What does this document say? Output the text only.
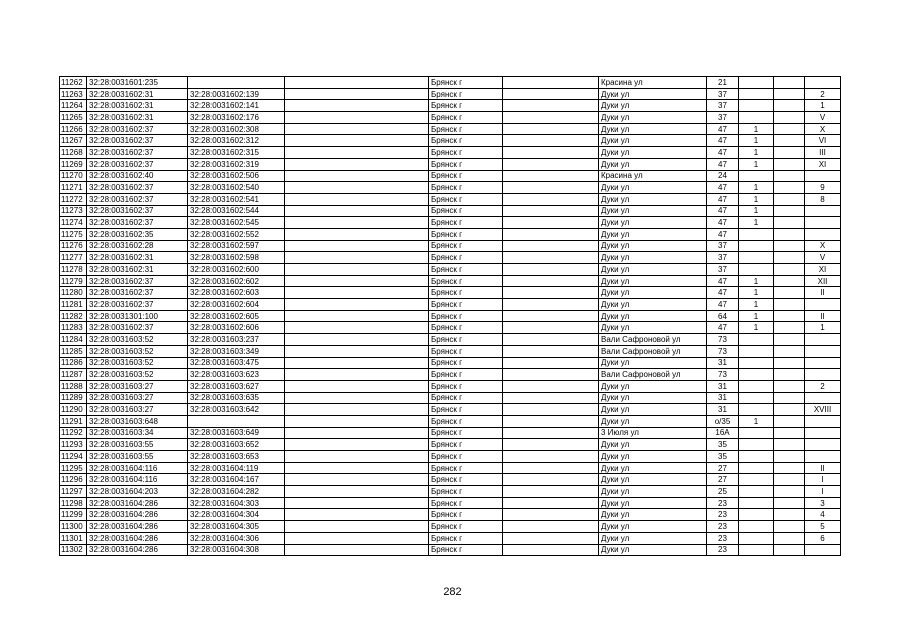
11262	32:28:0031601:235			Брянск г		Красина ул	21			
11263	32:28:0031602:31	32:28:0031602:139		Брянск г		Дуки ул	37			2
11264	32:28:0031602:31	32:28:0031602:141		Брянск г		Дуки ул	37			1
11265	32:28:0031602:31	32:28:0031602:176		Брянск г		Дуки ул	37			V
11266	32:28:0031602:37	32:28:0031602:308		Брянск г		Дуки ул	47	1		X
11267	32:28:0031602:37	32:28:0031602:312		Брянск г		Дуки ул	47	1		VI
11268	32:28:0031602:37	32:28:0031602:315		Брянск г		Дуки ул	47	1		III
11269	32:28:0031602:37	32:28:0031602:319		Брянск г		Дуки ул	47	1		XI
11270	32:28:0031602:40	32:28:0031602:506		Брянск г		Красина ул	24			
11271	32:28:0031602:37	32:28:0031602:540		Брянск г		Дуки ул	47	1		9
11272	32:28:0031602:37	32:28:0031602:541		Брянск г		Дуки ул	47	1		8
11273	32:28:0031602:37	32:28:0031602:544		Брянск г		Дуки ул	47	1		
11274	32:28:0031602:37	32:28:0031602:545		Брянск г		Дуки ул	47	1		
11275	32:28:0031602:35	32:28:0031602:552		Брянск г		Дуки ул	47			
11276	32:28:0031602:28	32:28:0031602:597		Брянск г		Дуки ул	37			X
11277	32:28:0031602:31	32:28:0031602:598		Брянск г		Дуки ул	37			V
11278	32:28:0031602:31	32:28:0031602:600		Брянск г		Дуки ул	37			XI
11279	32:28:0031602:37	32:28:0031602:602		Брянск г		Дуки ул	47	1		XII
11280	32:28:0031602:37	32:28:0031602:603		Брянск г		Дуки ул	47	1		II
11281	32:28:0031602:37	32:28:0031602:604		Брянск г		Дуки ул	47	1		
11282	32:28:0031301:100	32:28:0031602:605		Брянск г		Дуки ул	64	1		II
11283	32:28:0031602:37	32:28:0031602:606		Брянск г		Дуки ул	47	1		1
11284	32:28:0031603:52	32:28:0031603:237		Брянск г		Вали Сафроновой ул	73			
11285	32:28:0031603:52	32:28:0031603:349		Брянск г		Вали Сафроновой ул	73			
11286	32:28:0031603:52	32:28:0031603:475		Брянск г		Дуки ул	31			
11287	32:28:0031603:52	32:28:0031603:623		Брянск г		Вали Сафроновой ул	73			
11288	32:28:0031603:27	32:28:0031603:627		Брянск г		Дуки ул	31			2
11289	32:28:0031603:27	32:28:0031603:635		Брянск г		Дуки ул	31			
11290	32:28:0031603:27	32:28:0031603:642		Брянск г		Дуки ул	31			XVIII
11291	32:28:0031603:648			Брянск г		Дуки ул	о/35	1		
11292	32:28:0031603:34	32:28:0031603:649		Брянск г		3 Июля ул	16А			
11293	32:28:0031603:55	32:28:0031603:652		Брянск г		Дуки ул	35			
11294	32:28:0031603:55	32:28:0031603:653		Брянск г		Дуки ул	35			
11295	32:28:0031604:116	32:28:0031604:119		Брянск г		Дуки ул	27			II
11296	32:28:0031604:116	32:28:0031604:167		Брянск г		Дуки ул	27			I
11297	32:28:0031604:203	32:28:0031604:282		Брянск г		Дуки ул	25			I
11298	32:28:0031604:286	32:28:0031604:303		Брянск г		Дуки ул	23			3
11299	32:28:0031604:286	32:28:0031604:304		Брянск г		Дуки ул	23			4
11300	32:28:0031604:286	32:28:0031604:305		Брянск г		Дуки ул	23			5
11301	32:28:0031604:286	32:28:0031604:306		Брянск г		Дуки ул	23			6
11302	32:28:0031604:286	32:28:0031604:308		Брянск г		Дуки ул	23			
282
